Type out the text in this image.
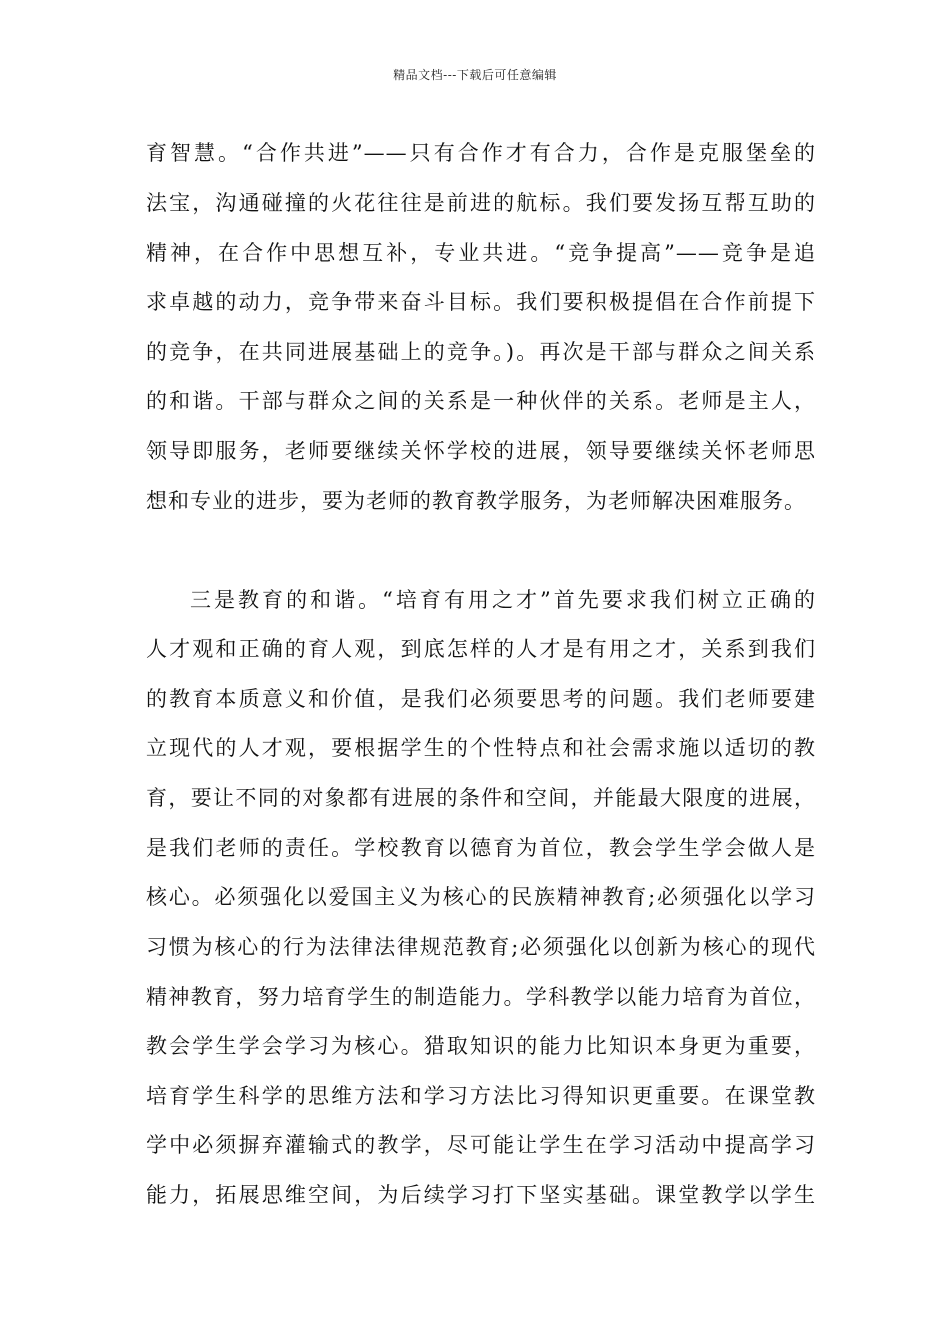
精品文档---下载后可任意编辑
育智慧。“合作共进”——只有合作才有合力，合作是克服堡垒的
法宝，沟通碰撞的火花往往是前进的航标。我们要发扬互帮互助的
精神，在合作中思想互补，专业共进。“竞争提高”——竞争是追
求卓越的动力，竞争带来奋斗目标。我们要积极提倡在合作前提下
的竞争，在共同进展基础上的竞争。)。再次是干部与群众之间关系
的和谐。干部与群众之间的关系是一种伙伴的关系。老师是主人，
领导即服务，老师要继续关怀学校的进展，领导要继续关怀老师思
想和专业的进步，要为老师的教育教学服务，为老师解决困难服务。
三是教育的和谐。“培育有用之才”首先要求我们树立正确的
人才观和正确的育人观，到底怎样的人才是有用之才，关系到我们
的教育本质意义和价值，是我们必须要思考的问题。我们老师要建
立现代的人才观，要根据学生的个性特点和社会需求施以适切的教
育，要让不同的对象都有进展的条件和空间，并能最大限度的进展，
是我们老师的责任。学校教育以德育为首位，教会学生学会做人是
核心。必须强化以爱国主义为核心的民族精神教育;必须强化以学习
习惯为核心的行为法律法律规范教育;必须强化以创新为核心的现代
精神教育，努力培育学生的制造能力。学科教学以能力培育为首位，
教会学生学会学习为核心。猎取知识的能力比知识本身更为重要，
培育学生科学的思维方法和学习方法比习得知识更重要。在课堂教
学中必须摒弃灌输式的教学，尽可能让学生在学习活动中提高学习
能力，拓展思维空间，为后续学习打下坚实基础。课堂教学以学生
